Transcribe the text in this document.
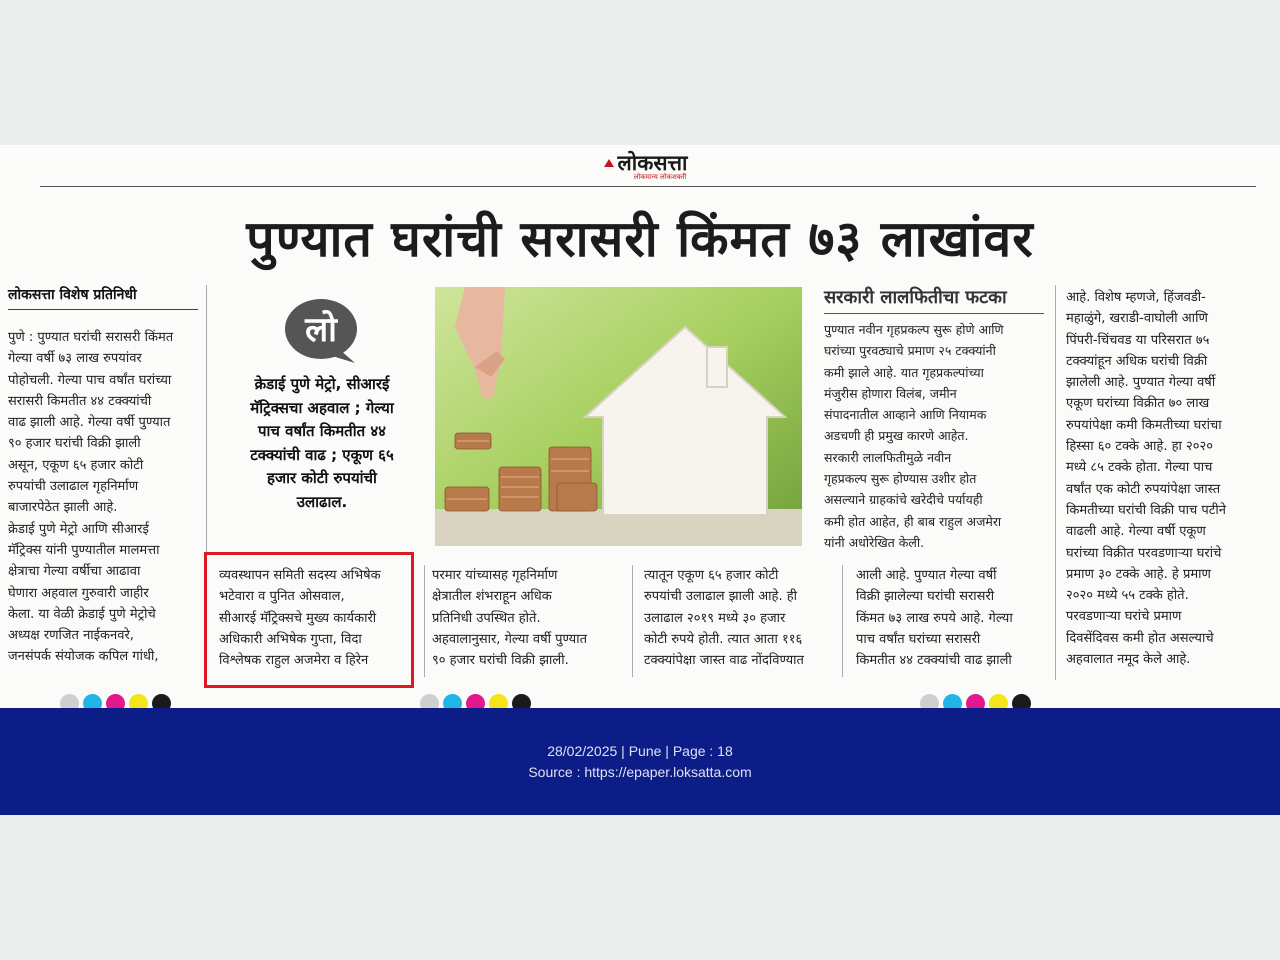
लोकसत्ता
लोकमान्य लोकशक्ती
पुण्यात घरांची सरासरी किंमत ७३ लाखांवर
लोकसत्ता विशेष प्रतिनिधी

पुणे : पुण्यात घरांची सरासरी किंमत
गेल्या वर्षी ७३ लाख रुपयांवर
पोहोचली. गेल्या पाच वर्षांत घरांच्या
सरासरी किमतीत ४४ टक्क्यांची
वाढ झाली आहे. गेल्या वर्षी पुण्यात
९० हजार घरांची विक्री झाली
असून, एकूण ६५ हजार कोटी
रुपयांची उलाढाल गृहनिर्माण
बाजारपेठेत झाली आहे.
क्रेडाई पुणे मेट्रो आणि सीआरई
मॅट्रिक्स यांनी पुण्यातील मालमत्ता
क्षेत्राचा गेल्या वर्षीचा आढावा
घेणारा अहवाल गुरुवारी जाहीर
केला. या वेळी क्रेडाई पुणे मेट्रोचे
अध्यक्ष रणजित नाईकनवरे,
जनसंपर्क संयोजक कपिल गांधी,

लो
क्रेडाई पुणे मेट्रो, सीआरई
मॅट्रिक्सचा अहवाल ; गेल्या
पाच वर्षांत किमतीत ४४
टक्क्यांची वाढ ; एकूण ६५
हजार कोटी रुपयांची
उलाढाल.
सरकारी लालफितीचा फटका

पुण्यात नवीन गृहप्रकल्प सुरू होणे आणि
घरांच्या पुरवठ्याचे प्रमाण २५ टक्क्यांनी
कमी झाले आहे. यात गृहप्रकल्पांच्या
मंजुरीस होणारा विलंब, जमीन
संपादनातील आव्हाने आणि नियामक
अडचणी ही प्रमुख कारणे आहेत.
सरकारी लालफितीमुळे नवीन
गृहप्रकल्प सुरू होण्यास उशीर होत
असल्याने ग्राहकांचे खरेदीचे पर्यायही
कमी होत आहेत, ही बाब राहुल अजमेरा
यांनी अधोरेखित केली.

आहे. विशेष म्हणजे, हिंजवडी-
महाळुंगे, खराडी-वाघोली आणि
पिंपरी-चिंचवड या परिसरात ७५
टक्क्यांहून अधिक घरांची विक्री
झालेली आहे. पुण्यात गेल्या वर्षी
एकूण घरांच्या विक्रीत ७० लाख
रुपयांपेक्षा कमी किमतीच्या घरांचा
हिस्सा ६० टक्के आहे. हा २०२०
मध्ये ८५ टक्के होता. गेल्या पाच
वर्षांत एक कोटी रुपयांपेक्षा जास्त
किमतीच्या घरांची विक्री पाच पटीने
वाढली आहे. गेल्या वर्षी एकूण
घरांच्या विक्रीत परवडणाऱ्या घरांचे
प्रमाण ३० टक्के आहे. हे प्रमाण
२०२० मध्ये ५५ टक्के होते.
परवडणाऱ्या घरांचे प्रमाण
दिवसेंदिवस कमी होत असल्याचे
अहवालात नमूद केले आहे.

व्यवस्थापन समिती सदस्य अभिषेक
भटेवारा व पुनित ओसवाल,
सीआरई मॅट्रिक्सचे मुख्य कार्यकारी
अधिकारी अभिषेक गुप्ता, विदा
विश्लेषक राहुल अजमेरा व हिरेन

परमार यांच्यासह गृहनिर्माण
क्षेत्रातील शंभराहून अधिक
प्रतिनिधी उपस्थित होते.
अहवालानुसार, गेल्या वर्षी पुण्यात
९० हजार घरांची विक्री झाली.

त्यातून एकूण ६५ हजार कोटी
रुपयांची उलाढाल झाली आहे. ही
उलाढाल २०१९ मध्ये ३० हजार
कोटी रुपये होती. त्यात आता ११६
टक्क्यांपेक्षा जास्त वाढ नोंदविण्यात

आली आहे. पुण्यात गेल्या वर्षी
विक्री झालेल्या घरांची सरासरी
किंमत ७३ लाख रुपये आहे. गेल्या
पाच वर्षांत घरांच्या सरासरी
किमतीत ४४ टक्क्यांची वाढ झाली

28/02/2025 | Pune | Page : 18
Source : https://epaper.loksatta.com
